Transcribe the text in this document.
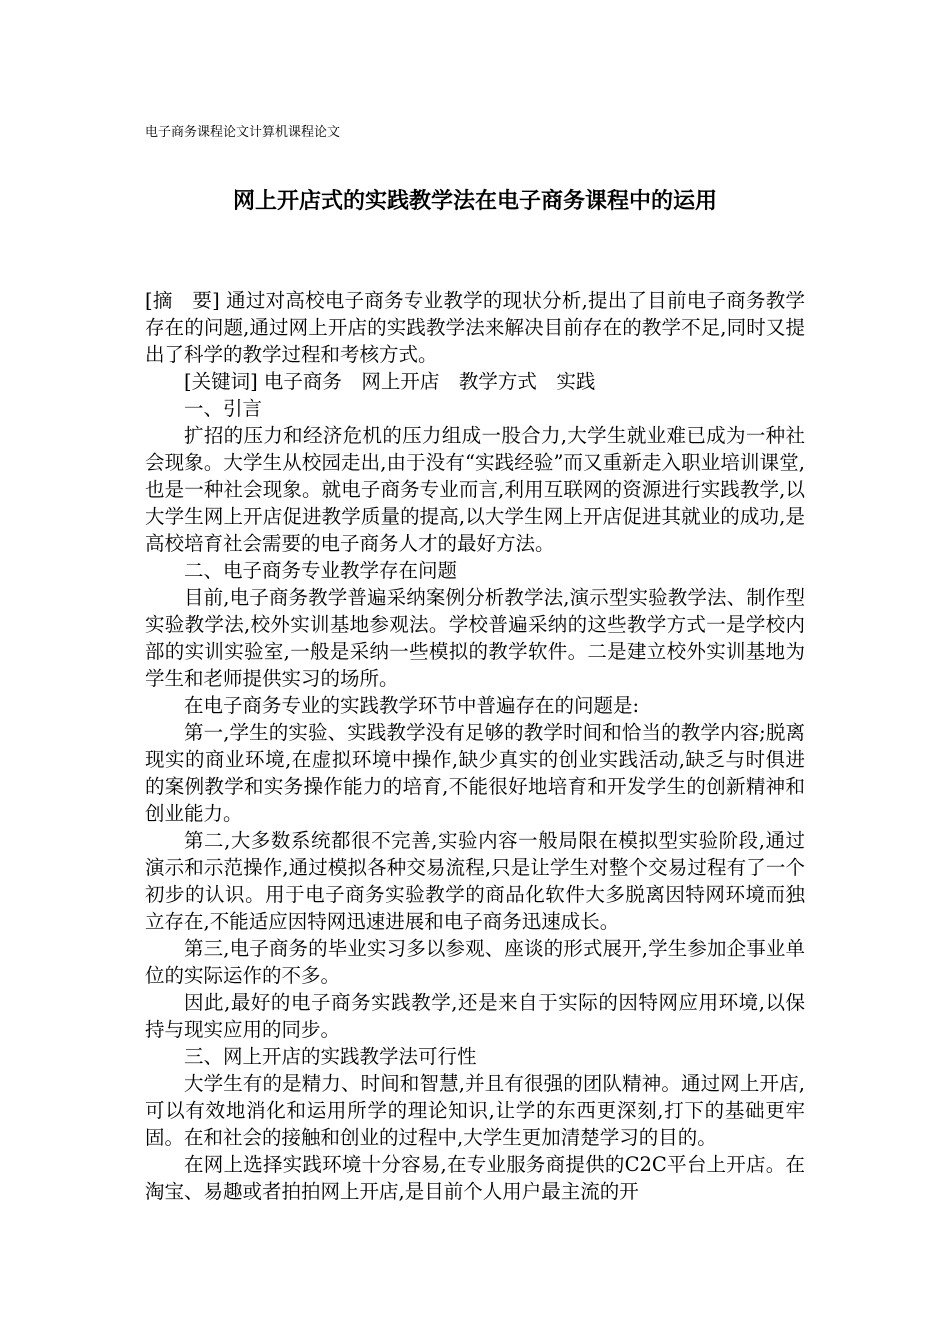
电子商务课程论文计算机课程论文
网上开店式的实践教学法在电子商务课程中的运用

[摘　要] 通过对高校电子商务专业教学的现状分析,提出了目前电子商务教学存在的问题,通过网上开店的实践教学法来解决目前存在的教学不足,同时又提出了科学的教学过程和考核方式。

[关键词] 电子商务　网上开店　教学方式　实践

一、引言

扩招的压力和经济危机的压力组成一股合力,大学生就业难已成为一种社会现象。大学生从校园走出,由于没有“实践经验”而又重新走入职业培训课堂,也是一种社会现象。就电子商务专业而言,利用互联网的资源进行实践教学,以大学生网上开店促进教学质量的提高,以大学生网上开店促进其就业的成功,是高校培育社会需要的电子商务人才的最好方法。

二、电子商务专业教学存在问题

目前,电子商务教学普遍采纳案例分析教学法,演示型实验教学法、制作型实验教学法,校外实训基地参观法。学校普遍采纳的这些教学方式一是学校内部的实训实验室,一般是采纳一些模拟的教学软件。二是建立校外实训基地为学生和老师提供实习的场所。

在电子商务专业的实践教学环节中普遍存在的问题是:

第一,学生的实验、实践教学没有足够的教学时间和恰当的教学内容;脱离现实的商业环境,在虚拟环境中操作,缺少真实的创业实践活动,缺乏与时俱进的案例教学和实务操作能力的培育,不能很好地培育和开发学生的创新精神和创业能力。

第二,大多数系统都很不完善,实验内容一般局限在模拟型实验阶段,通过演示和示范操作,通过模拟各种交易流程,只是让学生对整个交易过程有了一个初步的认识。用于电子商务实验教学的商品化软件大多脱离因特网环境而独立存在,不能适应因特网迅速进展和电子商务迅速成长。

第三,电子商务的毕业实习多以参观、座谈的形式展开,学生参加企事业单位的实际运作的不多。

因此,最好的电子商务实践教学,还是来自于实际的因特网应用环境,以保持与现实应用的同步。

三、网上开店的实践教学法可行性

大学生有的是精力、时间和智慧,并且有很强的团队精神。通过网上开店,可以有效地消化和运用所学的理论知识,让学的东西更深刻,打下的基础更牢固。在和社会的接触和创业的过程中,大学生更加清楚学习的目的。

在网上选择实践环境十分容易,在专业服务商提供的C2C平台上开店。在淘宝、易趣或者拍拍网上开店,是目前个人用户最主流的开
